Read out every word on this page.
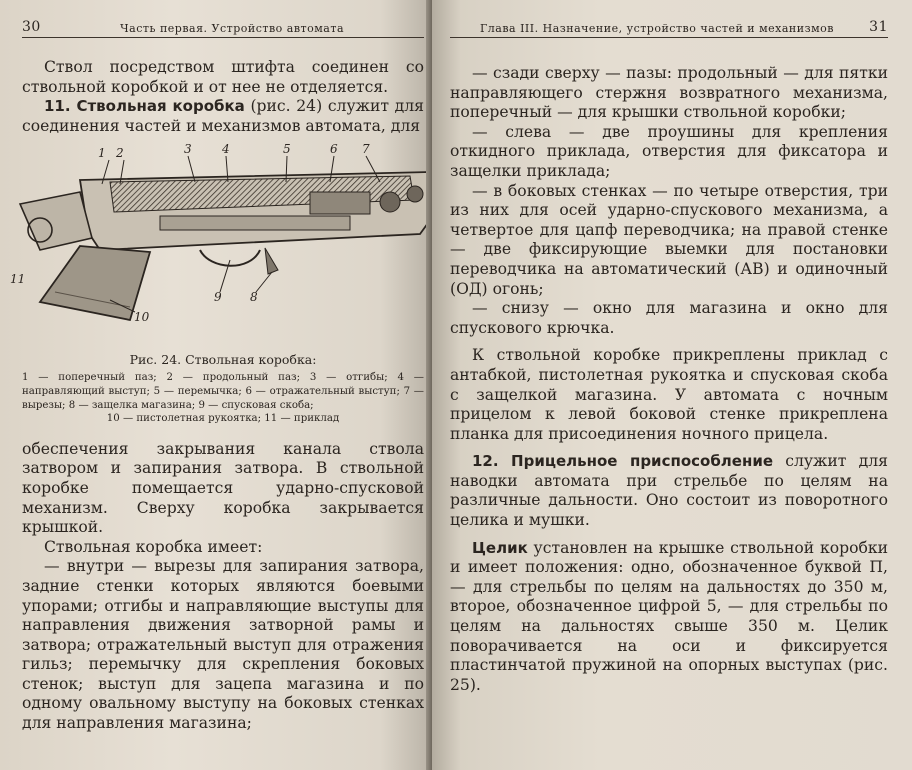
30	Часть первая. Устройство автомата

Ствол посредством штифта соединен со ствольной коробкой и от нее не отделяется.

11. Ствольная коробка (рис. 24) служит для соединения частей и механизмов автомата, для

1 2	3	4	5	6 7
8
9
10
11
Рис. 24. Ствольная коробка:
1 — поперечный паз; 2 — продольный паз; 3 — отгибы; 4 — направляющий выступ; 5 — перемычка; 6 — отражательный выступ; 7 — вырезы; 8 — защелка магазина; 9 — спусковая скоба;
10 — пистолетная рукоятка; 11 — приклад

обеспечения закрывания канала ствола затвором и запирания затвора. В ствольной коробке помещается ударно-спусковой механизм. Сверху коробка закрывается крышкой.

Ствольная коробка имеет:

— внутри — вырезы для запирания затвора, задние стенки которых являются боевыми упорами; отгибы и направляющие выступы для направления движения затворной рамы и затвора; отражательный выступ для отражения гильз; перемычку для скрепления боковых стенок; выступ для зацепа магазина и по одному овальному выступу на боковых стенках для направления магазина;

Глава III. Назначение, устройство частей и механизмов	31

— сзади сверху — пазы: продольный — для пятки направляющего стержня возвратного механизма, поперечный — для крышки ствольной коробки;

— слева — две проушины для крепления откидного приклада, отверстия для фиксатора и защелки приклада;

— в боковых стенках — по четыре отверстия, три из них для осей ударно-спускового механизма, а четвертое для цапф переводчика; на правой стенке — две фиксирующие выемки для постановки переводчика на автоматический (АВ) и одиночный (ОД) огонь;

— снизу — окно для магазина и окно для спускового крючка.

К ствольной коробке прикреплены приклад с антабкой, пистолетная рукоятка и спусковая скоба с защелкой магазина. У автомата с ночным прицелом к левой боковой стенке прикреплена планка для присоединения ночного прицела.

12. Прицельное приспособление служит для наводки автомата при стрельбе по целям на различные дальности. Оно состоит из поворотного целика и мушки.

Целик установлен на крышке ствольной коробки и имеет положения: одно, обозначенное буквой П, — для стрельбы по целям на дальностях до 350 м, второе, обозначенное цифрой 5, — для стрельбы по целям на дальностях свыше 350 м. Целик поворачивается на оси и фиксируется пластинчатой пружиной на опорных выступах (рис. 25).
